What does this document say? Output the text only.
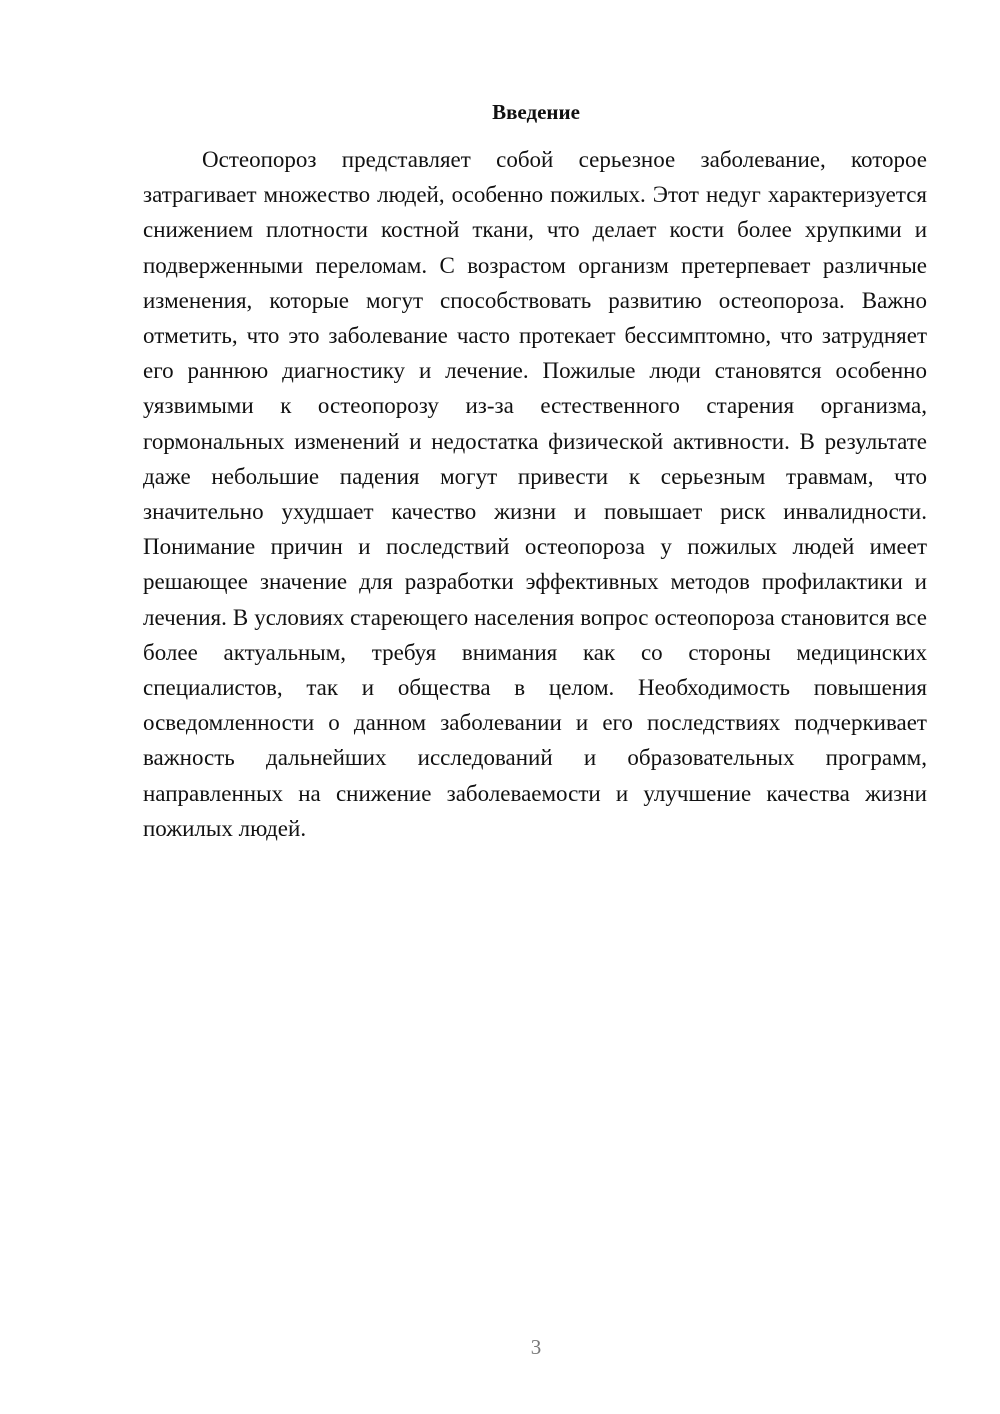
Введение

Остеопороз представляет собой серьезное заболевание, которое затрагивает множество людей, особенно пожилых. Этот недуг характеризуется снижением плотности костной ткани, что делает кости более хрупкими и подверженными переломам. С возрастом организм претерпевает различные изменения, которые могут способствовать развитию остеопороза. Важно отметить, что это заболевание часто протекает бессимптомно, что затрудняет его раннюю диагностику и лечение. Пожилые люди становятся особенно уязвимыми к остеопорозу из-за естественного старения организма, гормональных изменений и недостатка физической активности. В результате даже небольшие падения могут привести к серьезным травмам, что значительно ухудшает качество жизни и повышает риск инвалидности. Понимание причин и последствий остеопороза у пожилых людей имеет решающее значение для разработки эффективных методов профилактики и лечения. В условиях стареющего населения вопрос остеопороза становится все более актуальным, требуя внимания как со стороны медицинских специалистов, так и общества в целом. Необходимость повышения осведомленности о данном заболевании и его последствиях подчеркивает важность дальнейших исследований и образовательных программ, направленных на снижение заболеваемости и улучшение качества жизни пожилых людей.

3
